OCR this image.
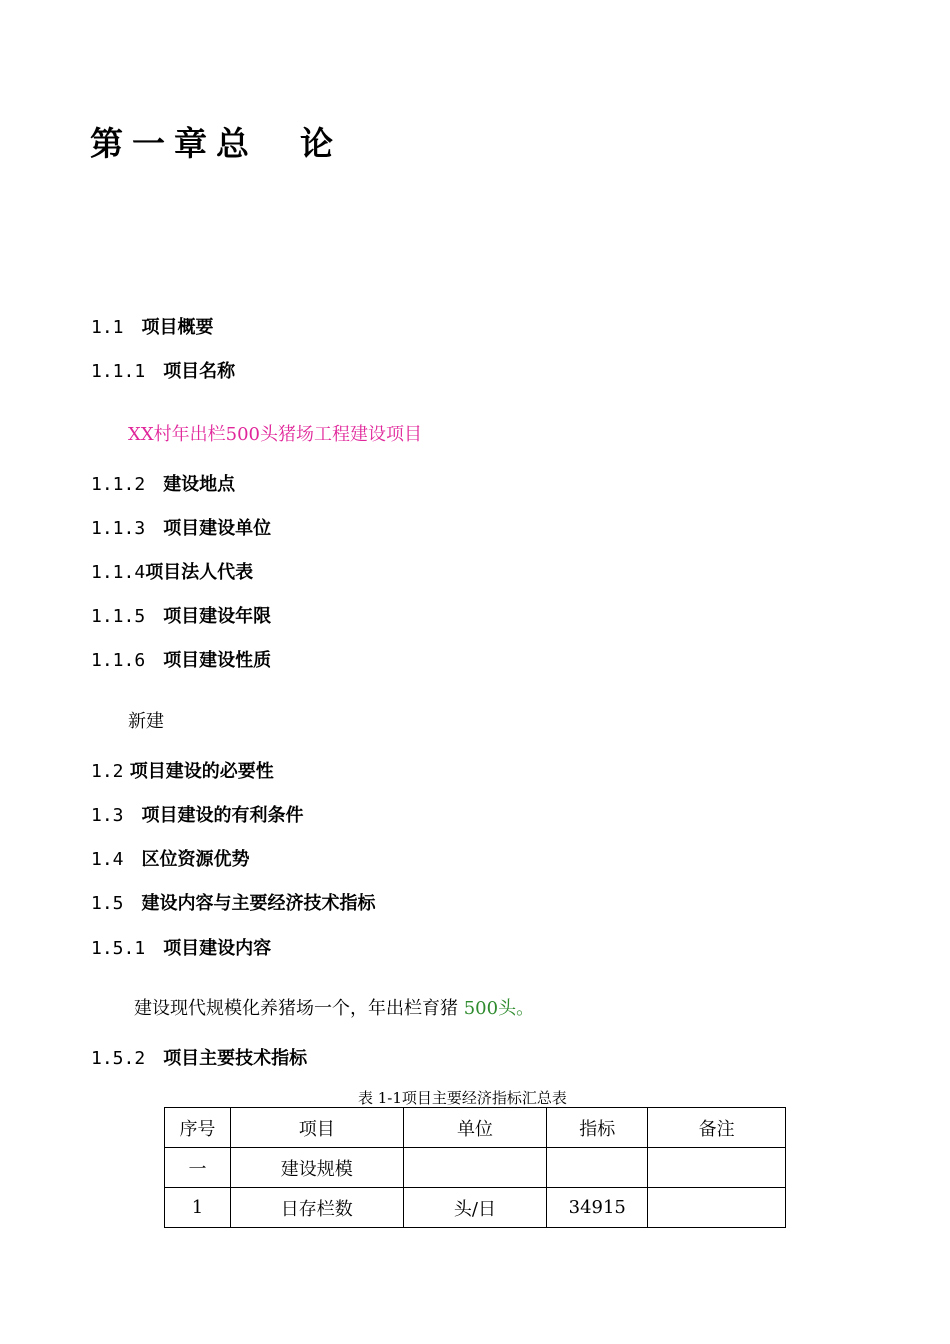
第一章总　论
1.1　 项目概要
1.1.1　 项目名称
XX村年出栏500头猪场工程建设项目
1.1.2　 建设地点
1.1.3　 项目建设单位
1.1.4项目法人代表
1.1.5　 项目建设年限
1.1.6　 项目建设性质
新建
1.2 项目建设的必要性
1.3　 项目建设的有利条件
1.4　 区位资源优势
1.5　 建设内容与主要经济技术指标
1.5.1　 项目建设内容
建设现代规模化养猪场一个，年出栏育猪 500头。
1.5.2　 项目主要技术指标
表 1-1项目主要经济指标汇总表
序号	项目	单位	指标	备注
一	建设规模			
1	日存栏数	头/日	34915	
